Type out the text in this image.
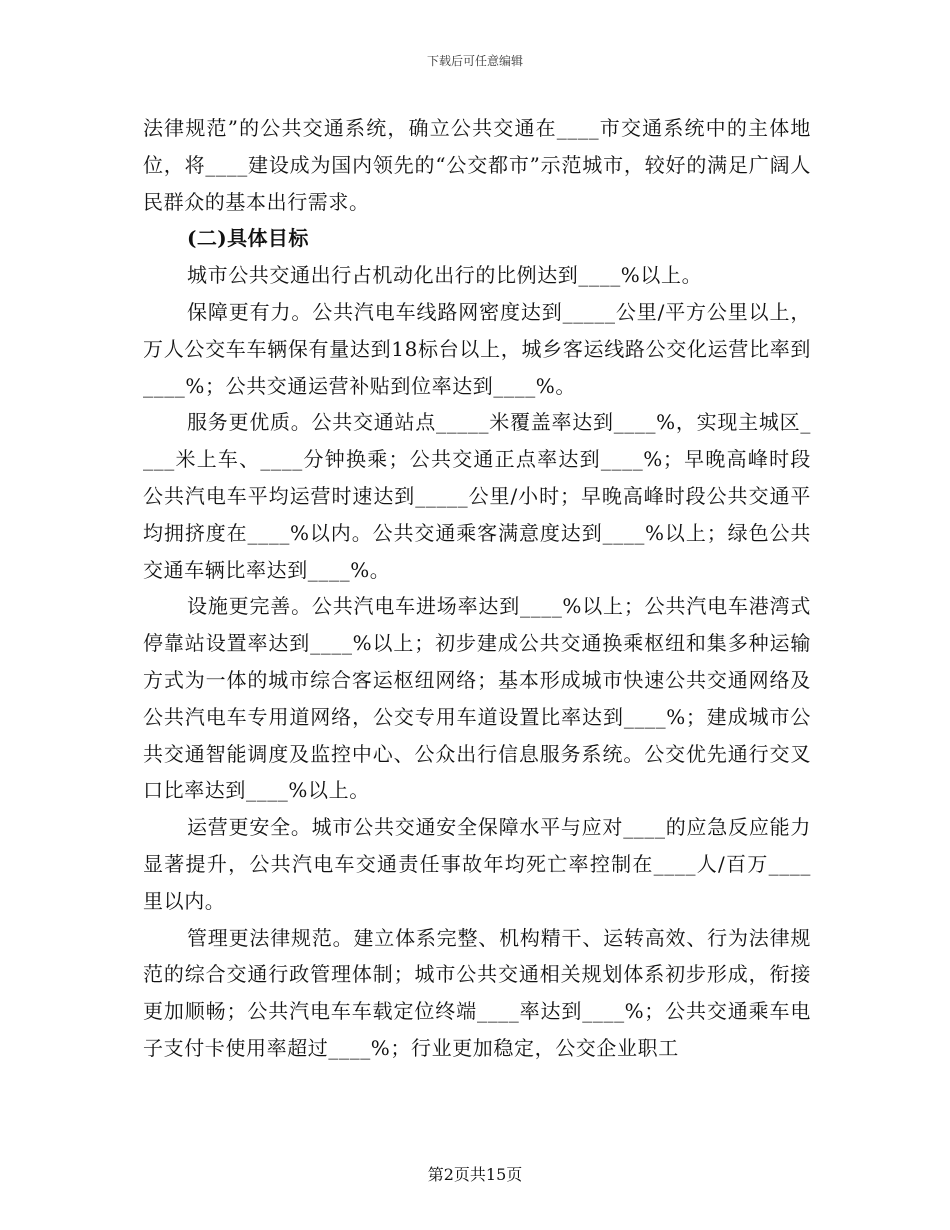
下载后可任意编辑

法律规范”的公共交通系统，确立公共交通在____市交通系统中的主体地位，将____建设成为国内领先的“公交都市”示范城市，较好的满足广阔人民群众的基本出行需求。

(二)具体目标

城市公共交通出行占机动化出行的比例达到____%以上。

保障更有力。公共汽电车线路网密度达到_____公里/平方公里以上，万人公交车车辆保有量达到18标台以上，城乡客运线路公交化运营比率到____%；公共交通运营补贴到位率达到____%。

服务更优质。公共交通站点_____米覆盖率达到____%，实现主城区____米上车、____分钟换乘；公共交通正点率达到____%；早晚高峰时段公共汽电车平均运营时速达到_____公里/小时；早晚高峰时段公共交通平均拥挤度在____%以内。公共交通乘客满意度达到____%以上；绿色公共交通车辆比率达到____%。

设施更完善。公共汽电车进场率达到____%以上；公共汽电车港湾式停靠站设置率达到____%以上；初步建成公共交通换乘枢纽和集多种运输方式为一体的城市综合客运枢纽网络；基本形成城市快速公共交通网络及公共汽电车专用道网络，公交专用车道设置比率达到____%；建成城市公共交通智能调度及监控中心、公众出行信息服务系统。公交优先通行交叉口比率达到____%以上。

运营更安全。城市公共交通安全保障水平与应对____的应急反应能力显著提升，公共汽电车交通责任事故年均死亡率控制在____人/百万____里以内。

管理更法律规范。建立体系完整、机构精干、运转高效、行为法律规范的综合交通行政管理体制；城市公共交通相关规划体系初步形成，衔接更加顺畅；公共汽电车车载定位终端____率达到____%；公共交通乘车电子支付卡使用率超过____%；行业更加稳定，公交企业职工

第2页共15页
